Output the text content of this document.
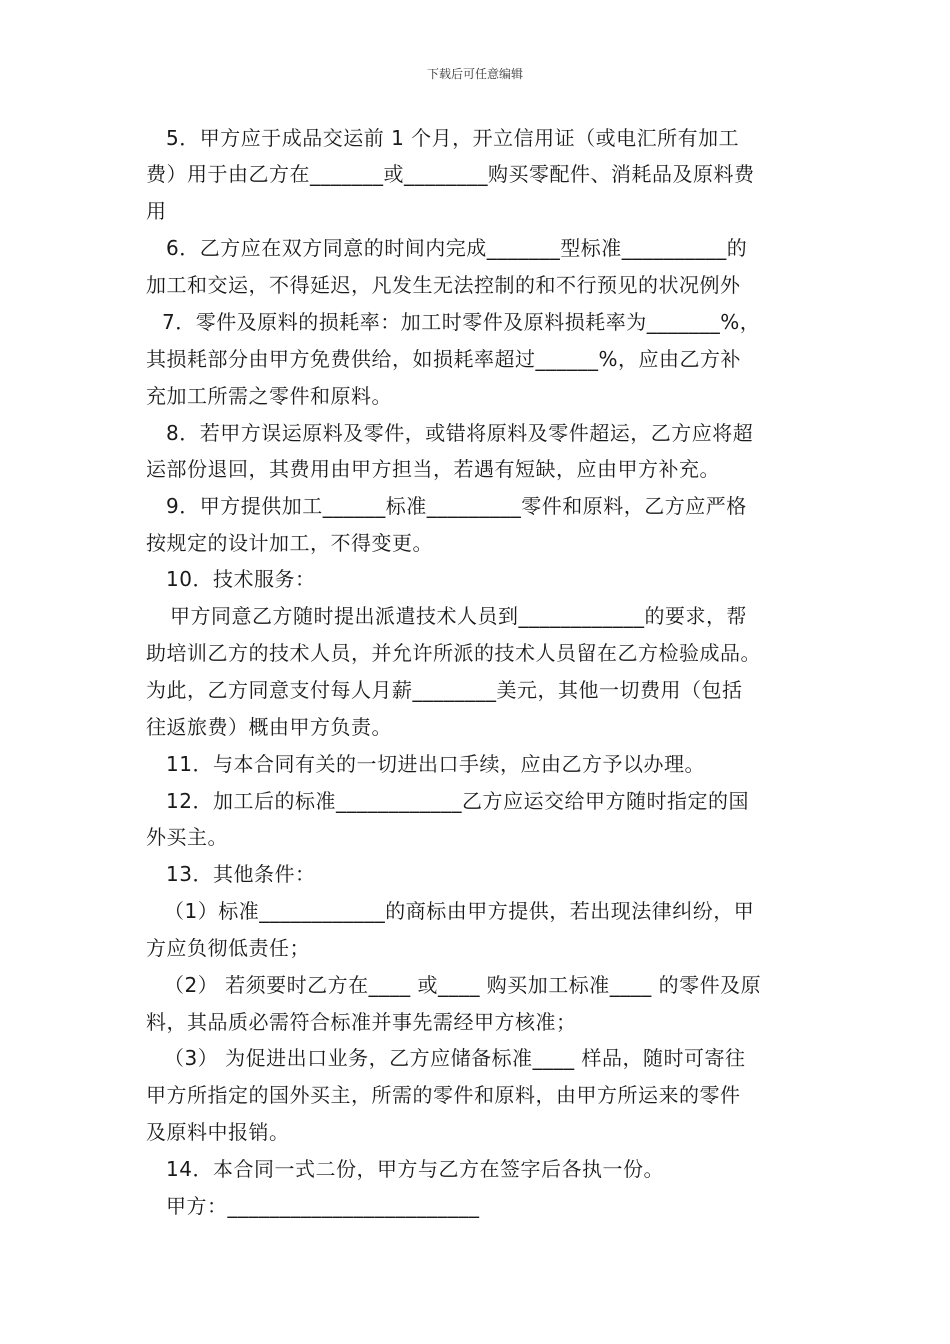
下载后可任意编辑
5．甲方应于成品交运前 1 个月，开立信用证（或电汇所有加工
费）用于由乙方在_______或________购买零配件、消耗品及原料费
用
6．乙方应在双方同意的时间内完成_______型标准__________的
加工和交运，不得延迟，凡发生无法控制的和不行预见的状况例外
7．零件及原料的损耗率：加工时零件及原料损耗率为_______%，
其损耗部分由甲方免费供给，如损耗率超过______%，应由乙方补
充加工所需之零件和原料。
8．若甲方误运原料及零件，或错将原料及零件超运，乙方应将超
运部份退回，其费用由甲方担当，若遇有短缺，应由甲方补充。
9．甲方提供加工______标准_________零件和原料，乙方应严格
按规定的设计加工，不得变更。
10．技术服务：
甲方同意乙方随时提出派遣技术人员到____________的要求，帮
助培训乙方的技术人员，并允许所派的技术人员留在乙方检验成品。
为此，乙方同意支付每人月薪________美元，其他一切费用（包括
往返旅费）概由甲方负责。
11．与本合同有关的一切进出口手续，应由乙方予以办理。
12．加工后的标准____________乙方应运交给甲方随时指定的国
外买主。
13．其他条件：
（1）标准____________的商标由甲方提供，若出现法律纠纷，甲
方应负彻低责任；
（2） 若须要时乙方在____ 或____ 购买加工标准____ 的零件及原
料，其品质必需符合标准并事先需经甲方核准；
（3） 为促进出口业务，乙方应储备标准____ 样品，随时可寄往
甲方所指定的国外买主，所需的零件和原料，由甲方所运来的零件
及原料中报销。
14．本合同一式二份，甲方与乙方在签字后各执一份。
甲方：________________________
